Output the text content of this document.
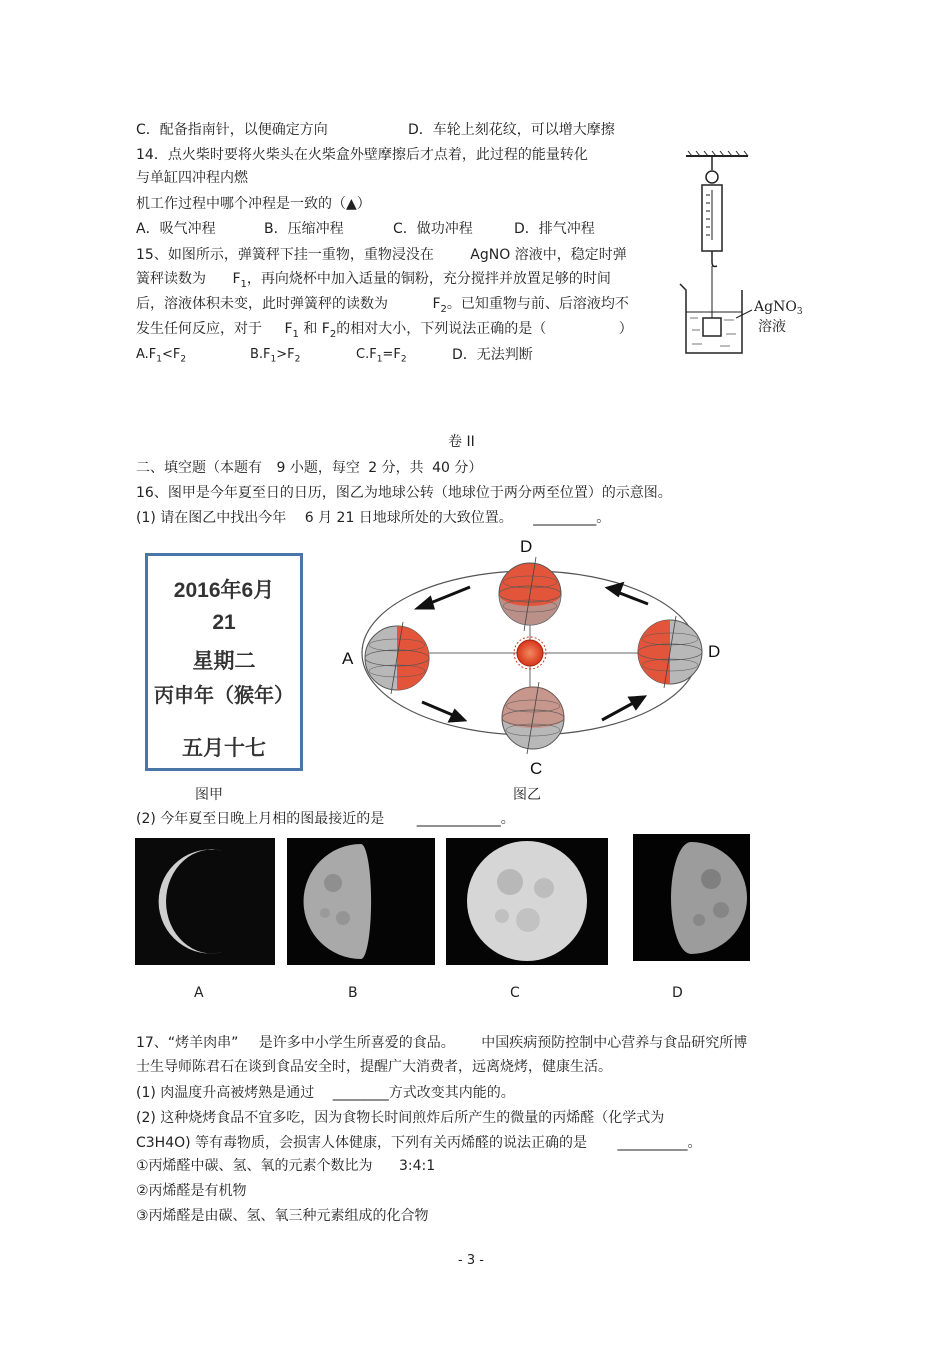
C．配备指南针，以便确定方向	D．车轮上刻花纹，可以增大摩擦
14．点火柴时要将火柴头在火柴盒外壁摩擦后才点着，此过程的能量转化
与单缸四冲程内燃
机工作过程中哪个冲程是一致的（▲）
A．吸气冲程	B．压缩冲程	C．做功冲程	D．排气冲程
15、如图所示，弹簧秤下挂一重物，重物浸没在	AgNO 溶液中，稳定时弹
簧秤读数为 $F_1$，再向烧杯中加入适量的铜粉，充分搅拌并放置足够的时间
后，溶液体积未变，此时弹簧秤的读数为	$F_2$。已知重物与前、后溶液均不
发生任何反应，对于 $F_1$ 和 $F_2$的相对大小，下列说法正确的是（	）
$A.F_1<F_2$	$B.F_1>F_2$	$C.F_1=F_2$	D．无法判断
AgNO$_3$
溶液
卷 II
二、填空题（本题有 9 小题，每空 2 分，共 40 分）
16、图甲是今年夏至日的日历，图乙为地球公转（地球位于两分两至位置）的示意图。
(1) 请在图乙中找出今年 6 月 21 日地球所处的大致位置。 _________。
2016年6月
21
星期二
丙申年（猴年）
五月十七
D
A	D
C
图甲	图乙
(2) 今年夏至日晚上月相的图最接近的是 ____________。
A	B	C	D
17、“烤羊肉串” 是许多中小学生所喜爱的食品。 中国疾病预防控制中心营养与食品研究所博
士生导师陈君石在谈到食品安全时，提醒广大消费者，远离烧烤，健康生活。
(1) 肉温度升高被烤熟是通过 ________方式改变其内能的。
(2) 这种烧烤食品不宜多吃，因为食物长时间煎炸后所产生的微量的丙烯醛（化学式为
C3H4O) 等有毒物质，会损害人体健康，下列有关丙烯醛的说法正确的是 __________。
①丙烯醛中碳、氢、氧的元素个数比为 3:4:1
②丙烯醛是有机物
③丙烯醛是由碳、氢、氧三种元素组成的化合物
- 3 -
